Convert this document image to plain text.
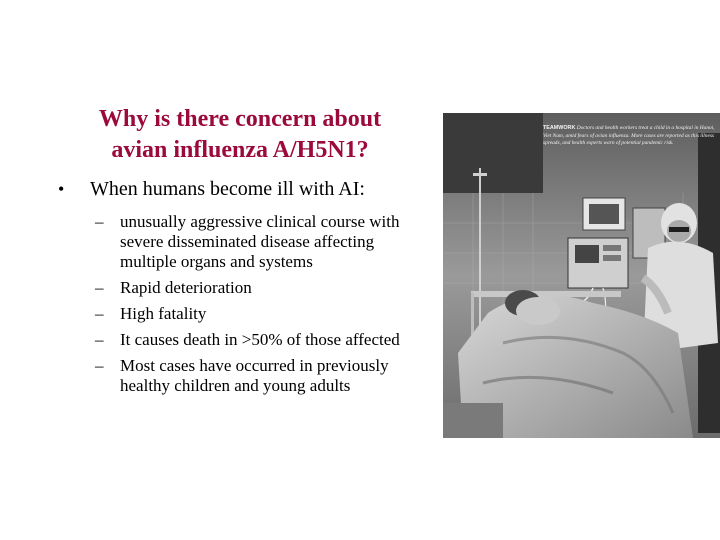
Why is there concern about
avian influenza A/H5N1?
• When humans become ill with AI:
– unusually aggressive clinical course with severe disseminated disease affecting multiple organs and systems
– Rapid deterioration
– High fatality
– It causes death in >50% of those affected
– Most cases have occurred in previously healthy children and young adults
TEAMWORK Doctors and health workers treat a child in a hospital in Hanoi, Viet Nam, amid fears of avian influenza. More cases are reported as this illness spreads, and health experts warn of potential pandemic risk.
